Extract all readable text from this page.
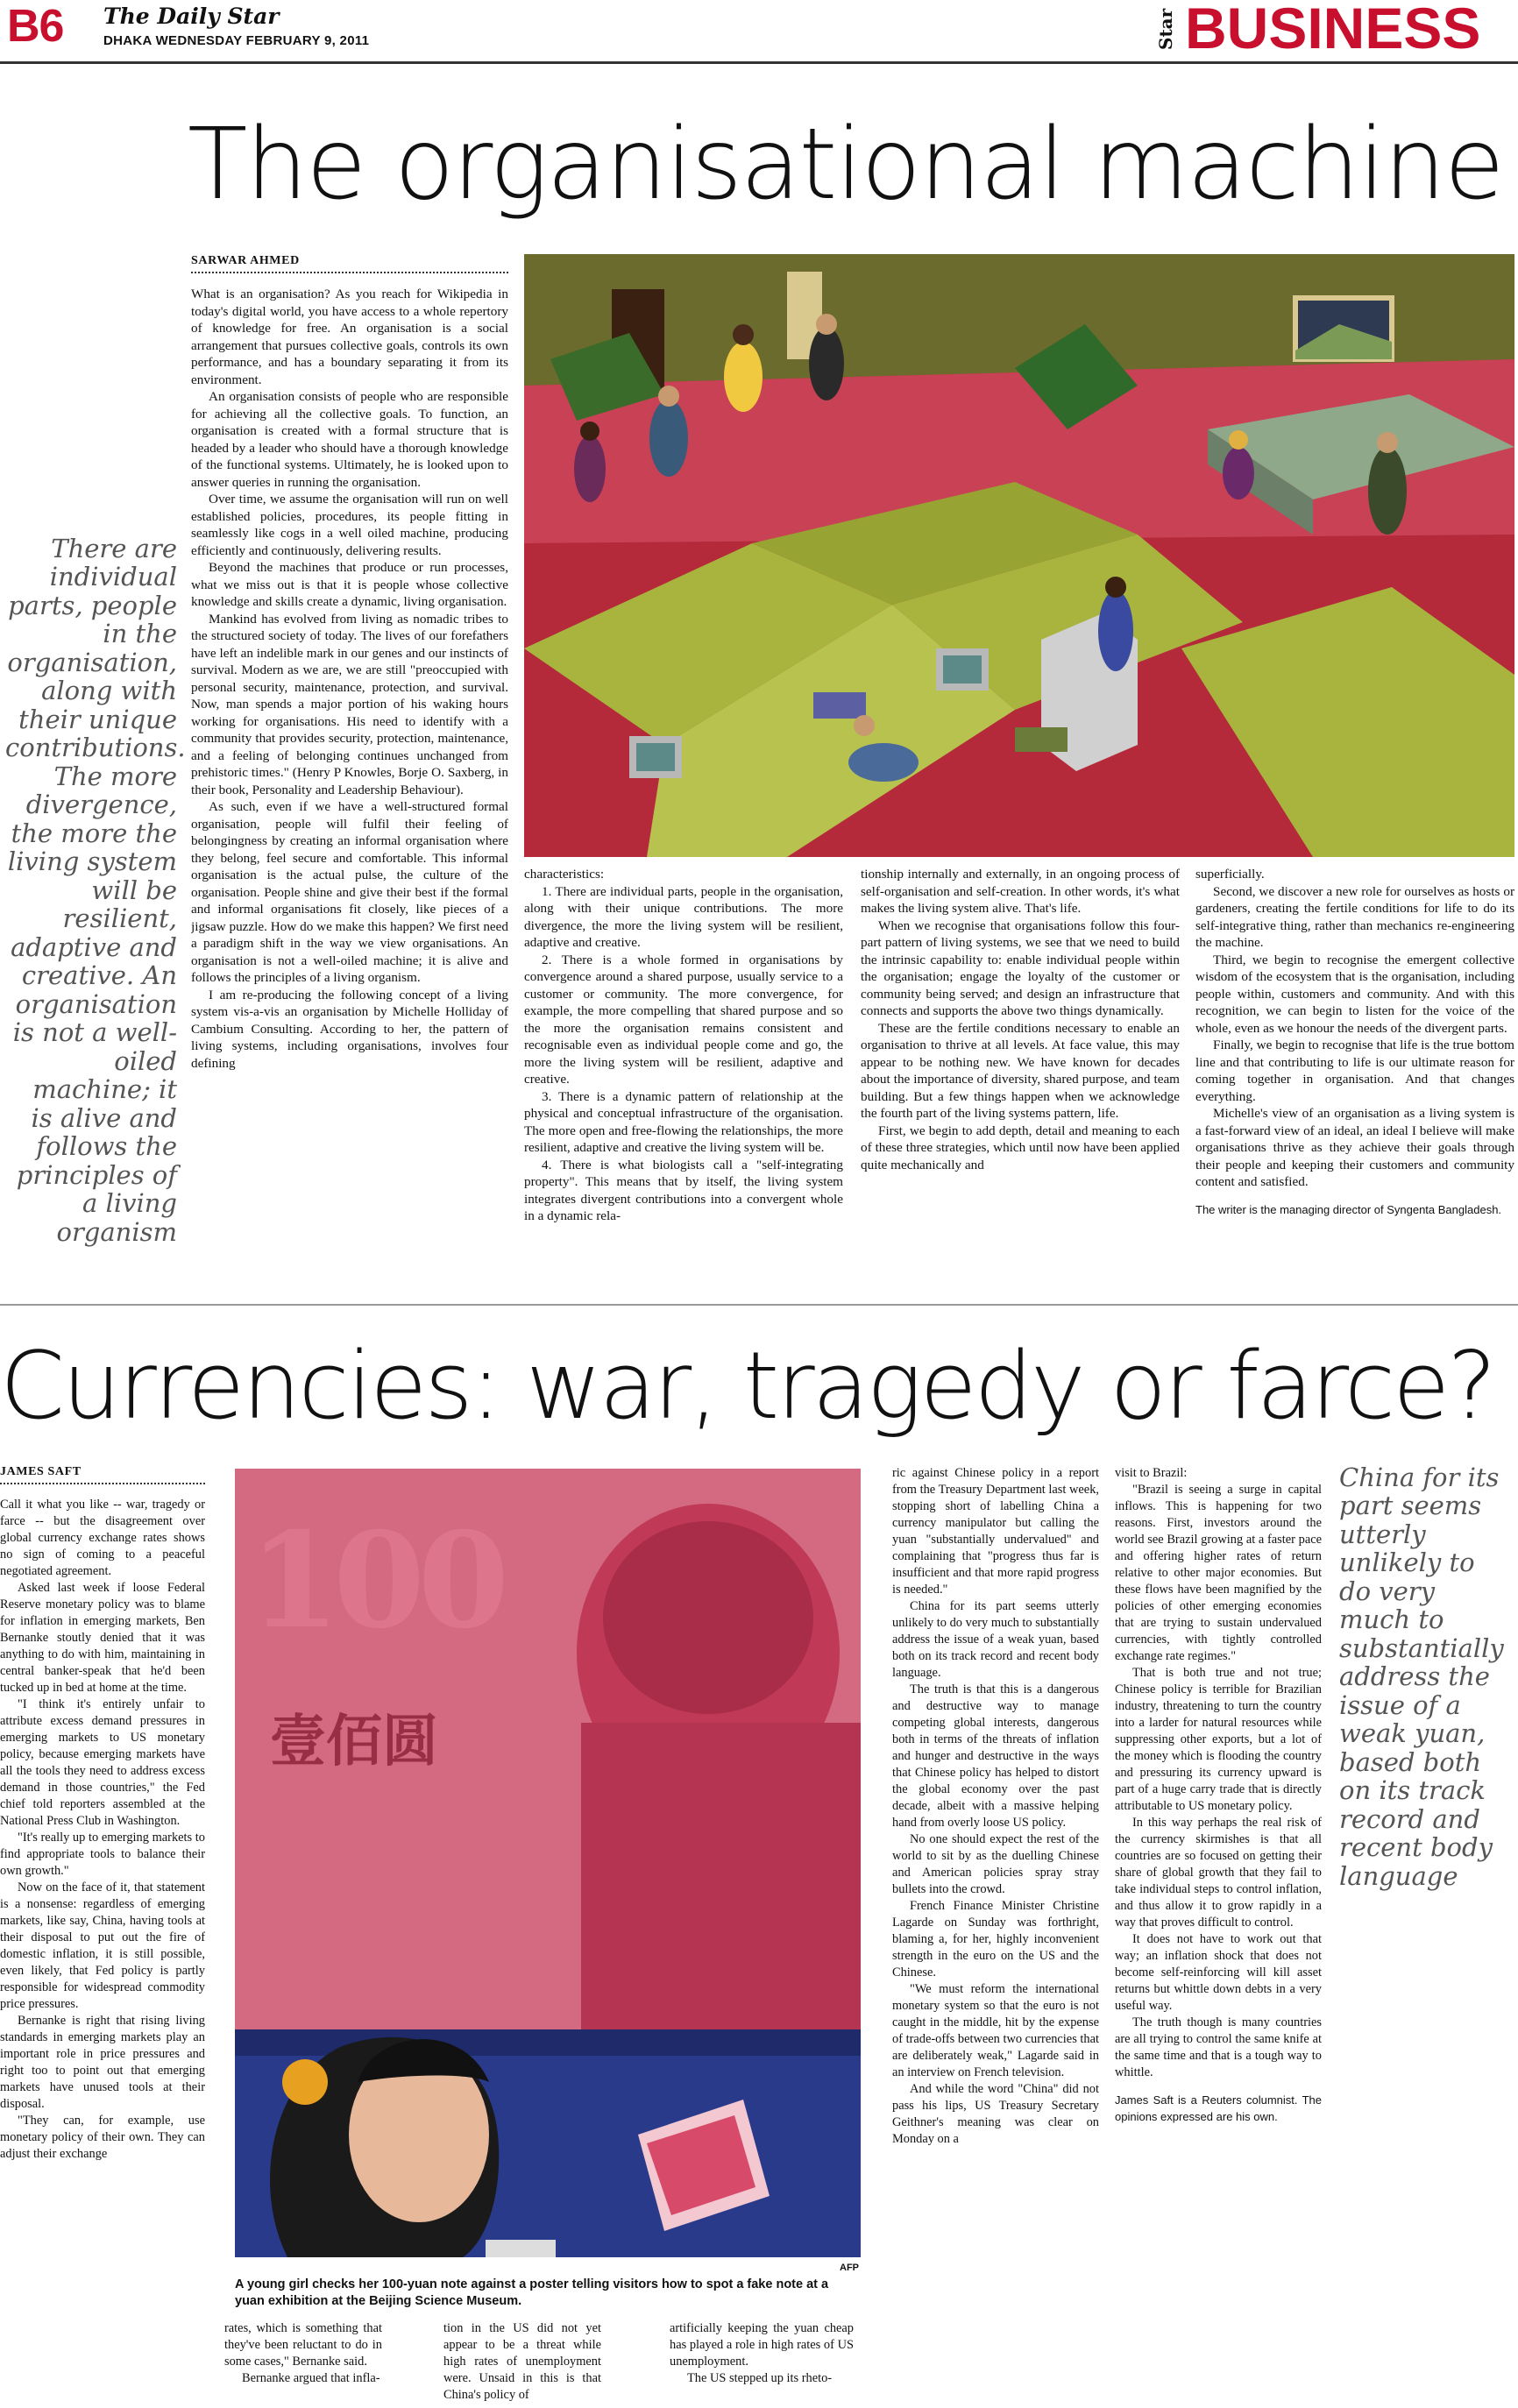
B6 The Daily Star
DHAKA WEDNESDAY FEBRUARY 9, 2011	Star BUSINESS
The organisational machine
There are individual parts, people in the organisation, along with their unique contributions. The more divergence, the more the living system will be resilient, adaptive and creative. An organisation is not a well-oiled machine; it is alive and follows the principles of a living organism
SARWAR AHMED

What is an organisation? As you reach for Wikipedia in today's digital world, you have access to a whole repertory of knowledge for free. An organisation is a social arrangement that pursues collective goals, controls its own performance, and has a boundary separating it from its environment.

An organisation consists of people who are responsible for achieving all the collective goals. To function, an organisation is created with a formal structure that is headed by a leader who should have a thorough knowledge of the functional systems. Ultimately, he is looked upon to answer queries in running the organisation.

Over time, we assume the organisation will run on well established policies, procedures, its people fitting in seamlessly like cogs in a well oiled machine, producing efficiently and continuously, delivering results.

Beyond the machines that produce or run processes, what we miss out is that it is people whose collective knowledge and skills create a dynamic, living organisation.

Mankind has evolved from living as nomadic tribes to the structured society of today. The lives of our forefathers have left an indelible mark in our genes and our instincts of survival. Modern as we are, we are still "preoccupied with personal security, maintenance, protection, and survival. Now, man spends a major portion of his waking hours working for organisations. His need to identify with a community that provides security, protection, maintenance, and a feeling of belonging continues unchanged from prehistoric times." (Henry P Knowles, Borje O. Saxberg, in their book, Personality and Leadership Behaviour).

As such, even if we have a well-structured formal organisation, people will fulfil their feeling of belongingness by creating an informal organisation where they belong, feel secure and comfortable. This informal organisation is the actual pulse, the culture of the organisation. People shine and give their best if the formal and informal organisations fit closely, like pieces of a jigsaw puzzle. How do we make this happen? We first need a paradigm shift in the way we view organisations. An organisation is not a well-oiled machine; it is alive and follows the principles of a living organism.

I am re-producing the following concept of a living system vis-a-vis an organisation by Michelle Holliday of Cambium Consulting. According to her, the pattern of living systems, including organisations, involves four defining

characteristics:

1. There are individual parts, people in the organisation, along with their unique contributions. The more divergence, the more the living system will be resilient, adaptive and creative.

2. There is a whole formed in organisations by convergence around a shared purpose, usually service to a customer or community. The more convergence, for example, the more compelling that shared purpose and so the more the organisation remains consistent and recognisable even as individual people come and go, the more the living system will be resilient, adaptive and creative.

3. There is a dynamic pattern of relationship at the physical and conceptual infrastructure of the organisation. The more open and free-flowing the relationships, the more resilient, adaptive and creative the living system will be.

4. There is what biologists call a "self-integrating property". This means that by itself, the living system integrates divergent contributions into a convergent whole in a dynamic rela-

tionship internally and externally, in an ongoing process of self-organisation and self-creation. In other words, it's what makes the living system alive. That's life.

When we recognise that organisations follow this four-part pattern of living systems, we see that we need to build the intrinsic capability to: enable individual people within the organisation; engage the loyalty of the customer or community being served; and design an infrastructure that connects and supports the above two things dynamically.

These are the fertile conditions necessary to enable an organisation to thrive at all levels. At face value, this may appear to be nothing new. We have known for decades about the importance of diversity, shared purpose, and team building. But a few things happen when we acknowledge the fourth part of the living systems pattern, life.

First, we begin to add depth, detail and meaning to each of these three strategies, which until now have been applied quite mechanically and

superficially.

Second, we discover a new role for ourselves as hosts or gardeners, creating the fertile conditions for life to do its self-integrative thing, rather than mechanics re-engineering the machine.

Third, we begin to recognise the emergent collective wisdom of the ecosystem that is the organisation, including people within, customers and community. And with this recognition, we can begin to listen for the voice of the whole, even as we honour the needs of the divergent parts.

Finally, we begin to recognise that life is the true bottom line and that contributing to life is our ultimate reason for coming together in organisation. And that changes everything.

Michelle's view of an organisation as a living system is a fast-forward view of an ideal, an ideal I believe will make organisations thrive as they achieve their goals through their people and keeping their customers and community content and satisfied.

The writer is the managing director of Syngenta Bangladesh.

Currencies: war, tragedy or farce?
JAMES SAFT

Call it what you like -- war, tragedy or farce -- but the disagreement over global currency exchange rates shows no sign of coming to a peaceful negotiated agreement.

Asked last week if loose Federal Reserve monetary policy was to blame for inflation in emerging markets, Ben Bernanke stoutly denied that it was anything to do with him, maintaining in central banker-speak that he'd been tucked up in bed at home at the time.

"I think it's entirely unfair to attribute excess demand pressures in emerging markets to US monetary policy, because emerging markets have all the tools they need to address excess demand in those countries," the Fed chief told reporters assembled at the National Press Club in Washington.

"It's really up to emerging markets to find appropriate tools to balance their own growth."

Now on the face of it, that statement is a nonsense: regardless of emerging markets, like say, China, having tools at their disposal to put out the fire of domestic inflation, it is still possible, even likely, that Fed policy is partly responsible for widespread commodity price pressures.

Bernanke is right that rising living standards in emerging markets play an important role in price pressures and right too to point out that emerging markets have unused tools at their disposal.

"They can, for example, use monetary policy of their own. They can adjust their exchange

100
壹佰圆
AFP
A young girl checks her 100-yuan note against a poster telling visitors how to spot a fake note at a yuan exhibition at the Beijing Science Museum.

rates, which is something that they've been reluctant to do in some cases," Bernanke said.

Bernanke argued that infla-

tion in the US did not yet appear to be a threat while high rates of unemployment were. Unsaid in this is that China's policy of

artificially keeping the yuan cheap has played a role in high rates of US unemployment.

The US stepped up its rheto-

ric against Chinese policy in a report from the Treasury Department last week, stopping short of labelling China a currency manipulator but calling the yuan "substantially undervalued" and complaining that "progress thus far is insufficient and that more rapid progress is needed."

China for its part seems utterly unlikely to do very much to substantially address the issue of a weak yuan, based both on its track record and recent body language.

The truth is that this is a dangerous and destructive way to manage competing global interests, dangerous both in terms of the threats of inflation and hunger and destructive in the ways that Chinese policy has helped to distort the global economy over the past decade, albeit with a massive helping hand from overly loose US policy.

No one should expect the rest of the world to sit by as the duelling Chinese and American policies spray stray bullets into the crowd.

French Finance Minister Christine Lagarde on Sunday was forthright, blaming a, for her, highly inconvenient strength in the euro on the US and the Chinese.

"We must reform the international monetary system so that the euro is not caught in the middle, hit by the expense of trade-offs between two currencies that are deliberately weak," Lagarde said in an interview on French television.

And while the word "China" did not pass his lips, US Treasury Secretary Geithner's meaning was clear on Monday on a

visit to Brazil:

"Brazil is seeing a surge in capital inflows. This is happening for two reasons. First, investors around the world see Brazil growing at a faster pace and offering higher rates of return relative to other major economies. But these flows have been magnified by the policies of other emerging economies that are trying to sustain undervalued currencies, with tightly controlled exchange rate regimes."

That is both true and not true; Chinese policy is terrible for Brazilian industry, threatening to turn the country into a larder for natural resources while suppressing other exports, but a lot of the money which is flooding the country and pressuring its currency upward is part of a huge carry trade that is directly attributable to US monetary policy.

In this way perhaps the real risk of the currency skirmishes is that all countries are so focused on getting their share of global growth that they fail to take individual steps to control inflation, and thus allow it to grow rapidly in a way that proves difficult to control.

It does not have to work out that way; an inflation shock that does not become self-reinforcing will kill asset returns but whittle down debts in a very useful way.

The truth though is many countries are all trying to control the same knife at the same time and that is a tough way to whittle.

James Saft is a Reuters columnist. The opinions expressed are his own.

China for its part seems utterly unlikely to do very much to substantially address the issue of a weak yuan, based both on its track record and recent body language
